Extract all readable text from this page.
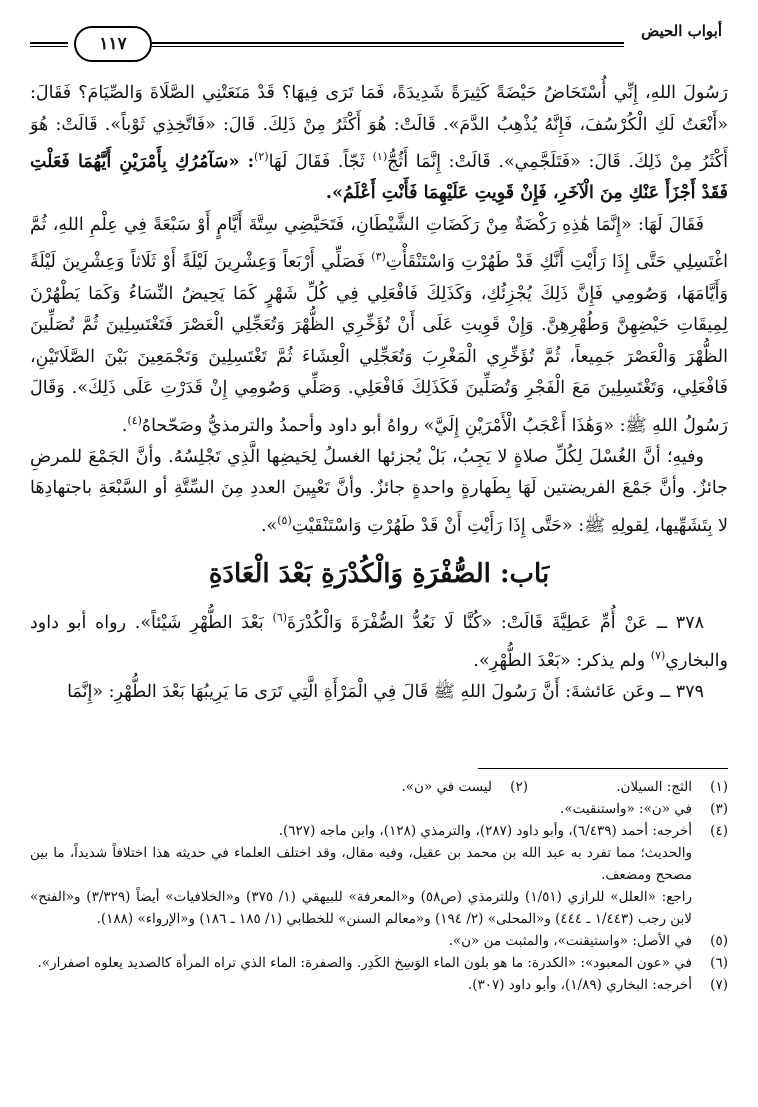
أبواب الحيض
١١٧

رَسُولَ اللهِ، إِنِّي أُسْتَحَاضُ حَيْضَةً كَثِيرَةً شَدِيدَةً، فَمَا تَرَى فِيهَا؟ قَدْ مَنَعَتْنِي الصَّلَاةَ وَالصِّيَامَ؟ فَقَالَ: «أَنْعَتُ لَكِ الْكُرْسُفَ، فَإِنَّهُ يُذْهِبُ الدَّمَ». قَالَتْ: هُوَ أَكْثَرُ مِنْ ذَلِكَ. قَالَ: «فَاتَّخِذِي ثَوْباً». قَالَتْ: هُوَ أَكْثَرُ مِنْ ذَلِكَ. قَالَ: «فَتَلَجَّمِي». قَالَتْ: إِنَّمَا أَثُجُّ$^{(١)}$ ثَجّاً. فَقَالَ لَهَا$^{(٢)}$: «سَآمُرُكِ بِأَمْرَيْنِ أَيَّهُمَا فَعَلْتِ فَقَدْ أَجْزَأَ عَنْكِ مِنَ الْآخَرِ، فَإِنْ قَوِيتِ عَلَيْهِمَا فَأَنْتِ أَعْلَمُ».

فَقَالَ لَهَا: «إِنَّمَا هَٰذِهِ رَكْضَةٌ مِنْ رَكَضَاتِ الشَّيْطَانِ، فَتَحَيَّضِي سِتَّةَ أَيَّامٍ أَوْ سَبْعَةً فِي عِلْمِ اللهِ، ثُمَّ اغْتَسِلِي حَتَّى إِذَا رَأَيْتِ أَنَّكِ قَدْ طَهُرْتِ وَاسْتَنْقَأْتِ$^{(٣)}$ فَصَلِّي أَرْبَعاً وَعِشْرِينَ لَيْلَةً أَوْ ثَلَاثاً وَعِشْرِينَ لَيْلَةً وَأَيَّامَهَا، وَصُومِي فَإِنَّ ذَلِكَ يُجْزِئُكِ، وَكَذَلِكَ فَافْعَلِي فِي كُلِّ شَهْرٍ كَمَا يَحِيضُ النِّسَاءُ وَكَمَا يَطْهُرْنَ لِمِيقَاتِ حَيْضِهِنَّ وَطُهْرِهِنَّ. وَإِنْ قَوِيتِ عَلَى أَنْ تُؤَخِّرِي الظُّهْرَ وَتُعَجِّلِي الْعَصْرَ فَتَغْتَسِلِينَ ثُمَّ تُصَلِّينَ الظُّهْرَ وَالْعَصْرَ جَمِيعاً، ثُمَّ تُؤَخِّرِي الْمَغْرِبَ وَتُعَجِّلِي الْعِشَاءَ ثُمَّ تَغْتَسِلِينَ وَتَجْمَعِينَ بَيْنَ الصَّلَاتَيْنِ، فَافْعَلِي، وَتَغْتَسِلِينَ مَعَ الْفَجْرِ وَتُصَلِّينَ فَكَذَلِكَ فَافْعَلِي. وَصَلِّي وَصُومِي إِنْ قَدَرْتِ عَلَى ذَلِكَ». وَقَالَ رَسُولُ اللهِ ﷺ: «وَهَٰذَا أَعْجَبُ الْأَمْرَيْنِ إِلَيَّ» رواهُ أبو داود وأحمدُ والترمذيُّ وصَحّحاهُ$^{(٤)}$.

وفيهِ؛ أنَّ الغُسْلَ لِكُلِّ صلاةٍ لا يَجِبُ، بَلْ يُجزئها الغسلُ لِحَيضِها الَّذِي تَجْلِسُهُ. وأنَّ الجَمْعَ للمرضِ جائزٌ. وأنَّ جَمْعَ الفريضتين لَهَا بِطَهارةٍ واحدةٍ جائزٌ. وأنَّ تَعْيِينَ العددِ مِنَ السِّتَّةِ أو السَّبْعَةِ باجتهادِهَا لا بِتَشَهِّيها، لِقولِهِ ﷺ: «حَتَّى إِذَا رَأَيْتِ أَنْ قَدْ طَهُرْتِ وَاسْتَنْقَيْتِ$^{(٥)}$».

بَاب: الصُّفْرَةِ وَالْكُدْرَةِ بَعْدَ الْعَادَةِ

٣٧٨ ــ عَنْ أُمِّ عَطِيَّةَ قَالَتْ: «كُنَّا لَا نَعُدُّ الصُّفْرَةَ وَالْكُدْرَةَ$^{(٦)}$ بَعْدَ الطُّهْرِ شَيْئاً». رواه أبو داود والبخاري$^{(٧)}$ ولم يذكر: «بَعْدَ الطُّهْرِ».

٣٧٩ ــ وعَن عَائشةَ: أَنَّ رَسُولَ اللهِ ﷺ قَالَ فِي الْمَرْأَةِ الَّتِي تَرَى مَا يَرِيبُهَا بَعْدَ الطُّهْرِ: «إِنَّمَا

(١)
الثج: السيلان.
(٢)
ليست في «ن».
(٣)
في «ن»: «واستنقيت».
(٤)
أخرجه: أحمد (٦/٤٣٩)، وأبو داود (٢٨٧)، والترمذي (١٢٨)، وابن ماجه (٦٢٧).
والحديث؛ مما تفرد به عبد الله بن محمد بن عقيل، وفيه مقال، وقد اختلف العلماء في حديثه هذا اختلافاً شديداً، ما بين مصحح ومضعف.
راجع: «العلل» للرازي (١/٥١) وللترمذي (ص٥٨) و«المعرفة» للبيهقي (١/ ٣٧٥) و«الخلافيات» أيضاً (٣/٣٢٩) و«الفتح» لابن رجب (١/٤٤٣ ـ ٤٤٤) و«المحلى» (٢/ ١٩٤) و«معالم السنن» للخطابي (١/ ١٨٥ ـ ١٨٦) و«الإرواء» (١٨٨).
(٥)
في الأصل: «واستيقنت»، والمثبت من «ن».
(٦)
في «عون المعبود»: «الكدرة: ما هو بلون الماء الوَسِخ الكَدِر. والصفرة: الماء الذي تراه المرأة كالصديد يعلوه اصفرار».
(٧)
أخرجه: البخاري (١/٨٩)، وأبو داود (٣٠٧).
